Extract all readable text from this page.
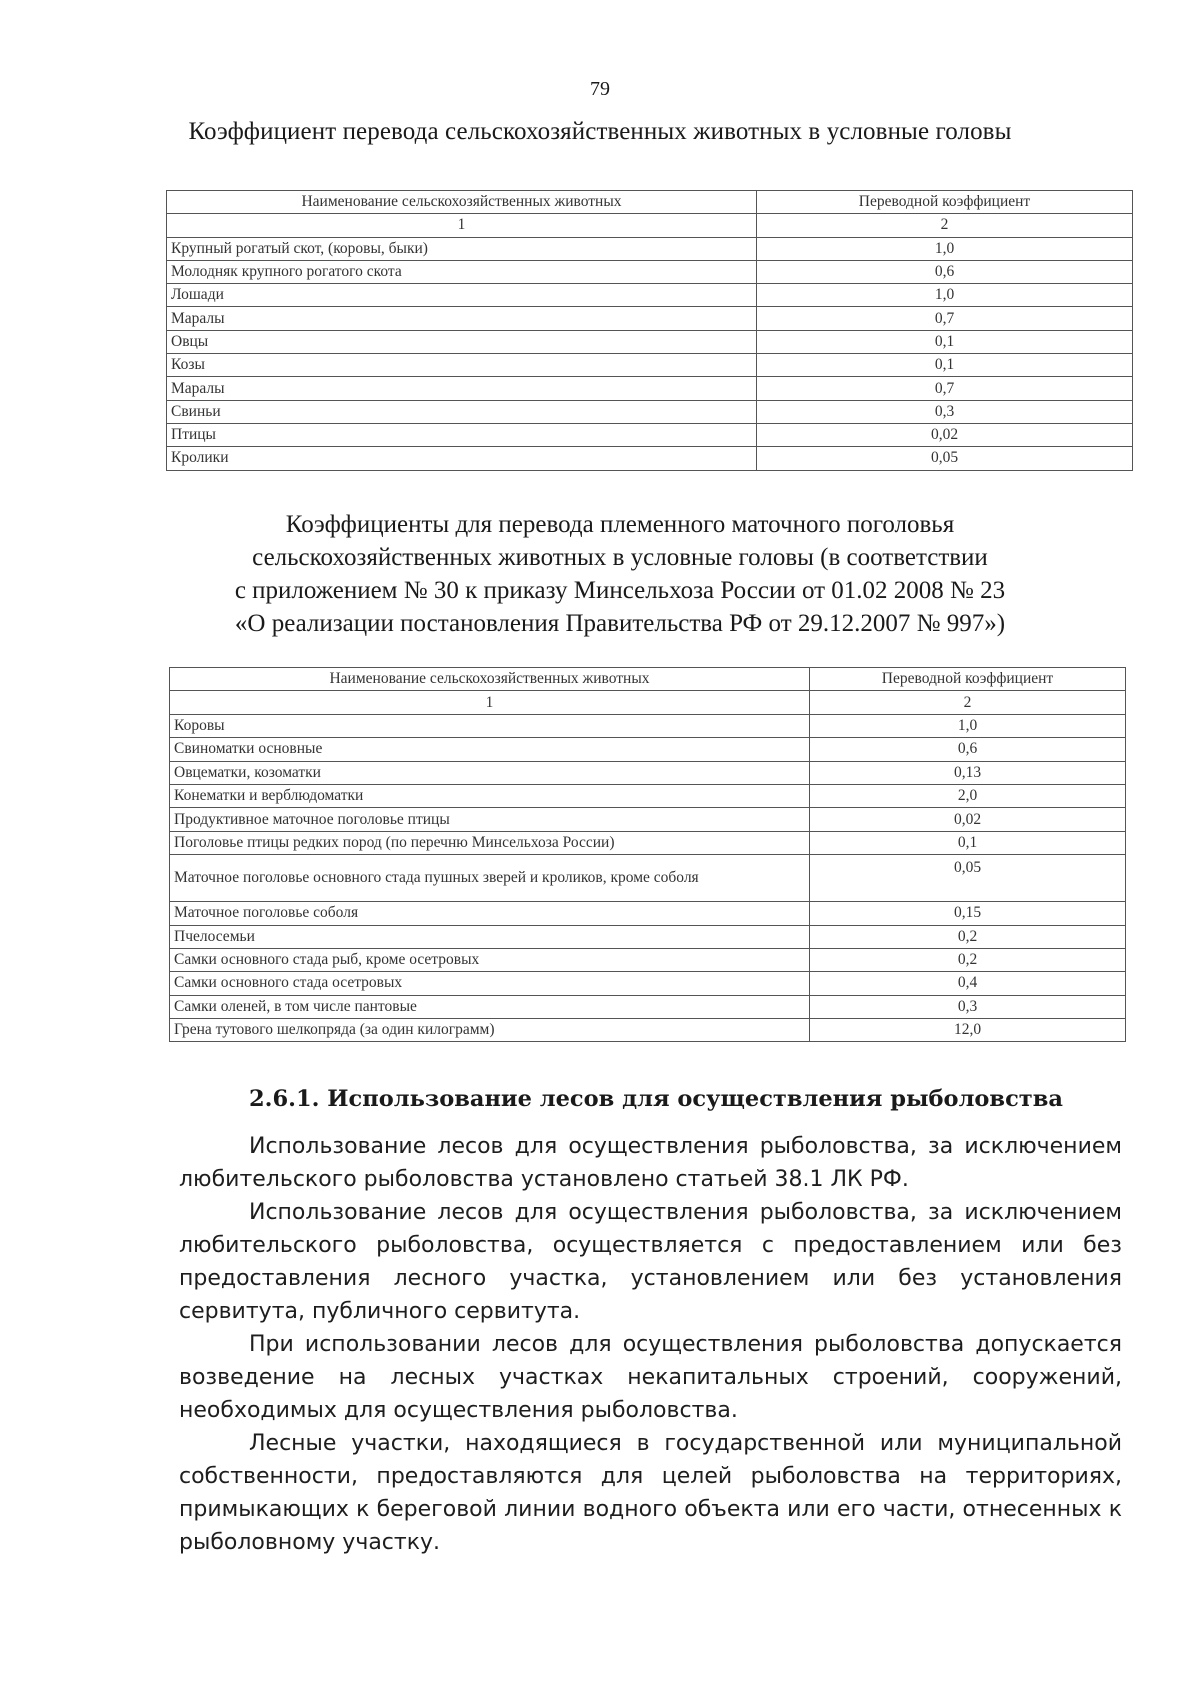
79
Коэффициент перевода сельскохозяйственных животных в условные головы
Наименование сельскохозяйственных животных	Переводной коэффициент
1	2
Крупный рогатый скот, (коровы, быки)	1,0
Молодняк крупного рогатого скота	0,6
Лошади	1,0
Маралы	0,7
Овцы	0,1
Козы	0,1
Маралы	0,7
Свиньи	0,3
Птицы	0,02
Кролики	0,05
Коэффициенты для перевода племенного маточного поголовья
сельскохозяйственных животных в условные головы (в соответствии
с приложением № 30 к приказу Минсельхоза России от 01.02 2008 № 23
«О реализации постановления Правительства РФ от 29.12.2007 № 997»)
Наименование сельскохозяйственных животных	Переводной коэффициент
1	2
Коровы	1,0
Свиноматки основные	0,6
Овцематки, козоматки	0,13
Конематки и верблюдоматки	2,0
Продуктивное маточное поголовье птицы	0,02
Поголовье птицы редких пород (по перечню Минсельхоза России)	0,1
Маточное поголовье основного стада пушных зверей и кроликов, кроме соболя	0,05
Маточное поголовье соболя	0,15
Пчелосемьи	0,2
Самки основного стада рыб, кроме осетровых	0,2
Самки основного стада осетровых	0,4
Самки оленей, в том числе пантовые	0,3
Грена тутового шелкопряда (за один килограмм)	12,0
2.6.1. Использование лесов для осуществления рыболовства

Использование лесов для осуществления рыболовства, за исключением любительского рыболовства установлено статьей 38.1 ЛК РФ.

Использование лесов для осуществления рыболовства, за исключением любительского рыболовства, осуществляется с предоставлением или без предоставления лесного участка, установлением или без установления сервитута, публичного сервитута.

При использовании лесов для осуществления рыболовства допускается возведение на лесных участках некапитальных строений, сооружений, необходимых для осуществления рыболовства.

Лесные участки, находящиеся в государственной или муниципальной собственности, предоставляются для целей рыболовства на территориях, примыкающих к береговой линии водного объекта или его части, отнесенных к рыболовному участку.
